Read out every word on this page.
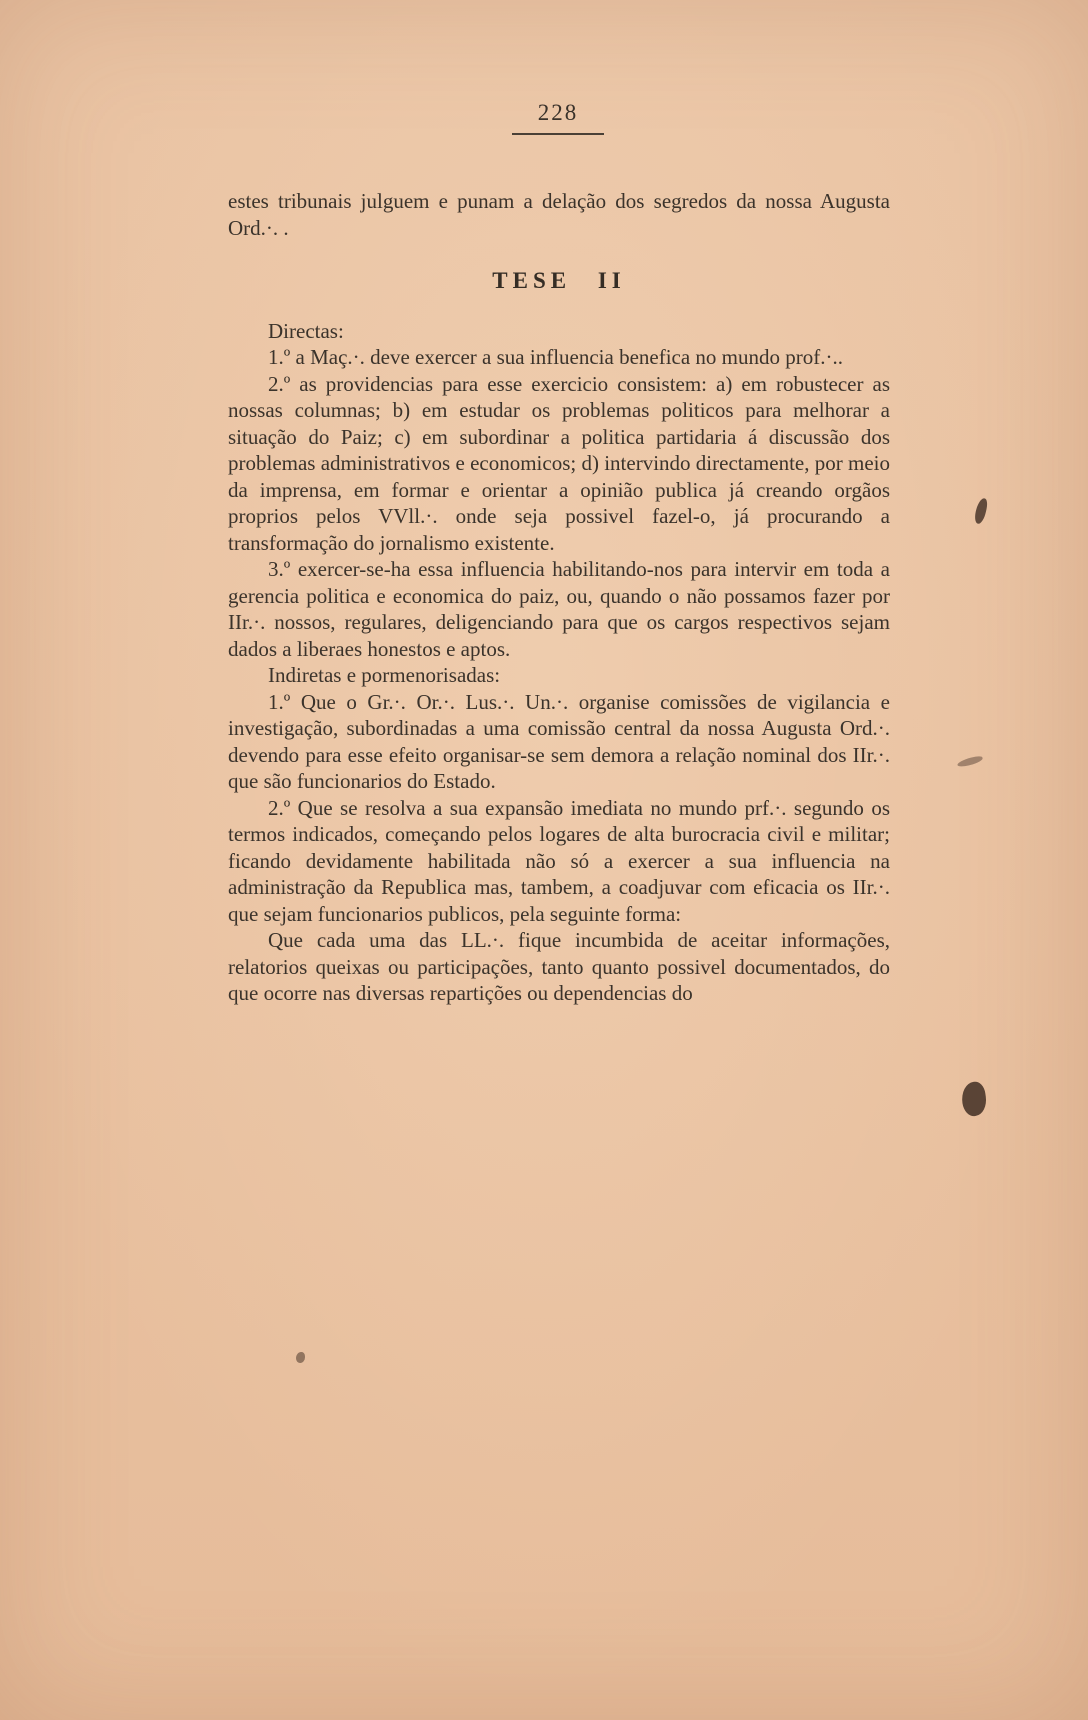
228

estes tribunais julguem e punam a delação dos segredos da nossa Augusta Ord.·. .

TESE II

Directas:

1.º a Maç.·. deve exercer a sua influencia benefica no mundo prof.·..

2.º as providencias para esse exercicio consistem: a) em robustecer as nossas columnas; b) em estudar os problemas politicos para melhorar a situação do Paiz; c) em subordinar a politica partidaria á discussão dos problemas administrativos e economicos; d) intervindo directamente, por meio da imprensa, em formar e orientar a opinião publica já creando orgãos proprios pelos VVll.·. onde seja possivel fazel-o, já procurando a transformação do jornalismo existente.

3.º exercer-se-ha essa influencia habilitando-nos para intervir em toda a gerencia politica e economica do paiz, ou, quando o não possamos fazer por IIr.·. nossos, regulares, deligenciando para que os cargos respectivos sejam dados a liberaes honestos e aptos.

Indiretas e pormenorisadas:

1.º Que o Gr.·. Or.·. Lus.·. Un.·. organise comissões de vigilancia e investigação, subordinadas a uma comissão central da nossa Augusta Ord.·. devendo para esse efeito organisar-se sem demora a relação nominal dos IIr.·. que são funcionarios do Estado.

2.º Que se resolva a sua expansão imediata no mundo prf.·. segundo os termos indicados, começando pelos logares de alta burocracia civil e militar; ficando devidamente habilitada não só a exercer a sua influencia na administração da Republica mas, tambem, a coadjuvar com eficacia os IIr.·. que sejam funcionarios publicos, pela seguinte forma:

Que cada uma das LL.·. fique incumbida de aceitar informações, relatorios queixas ou participações, tanto quanto possivel documentados, do que ocorre nas diversas repartições ou dependencias do
